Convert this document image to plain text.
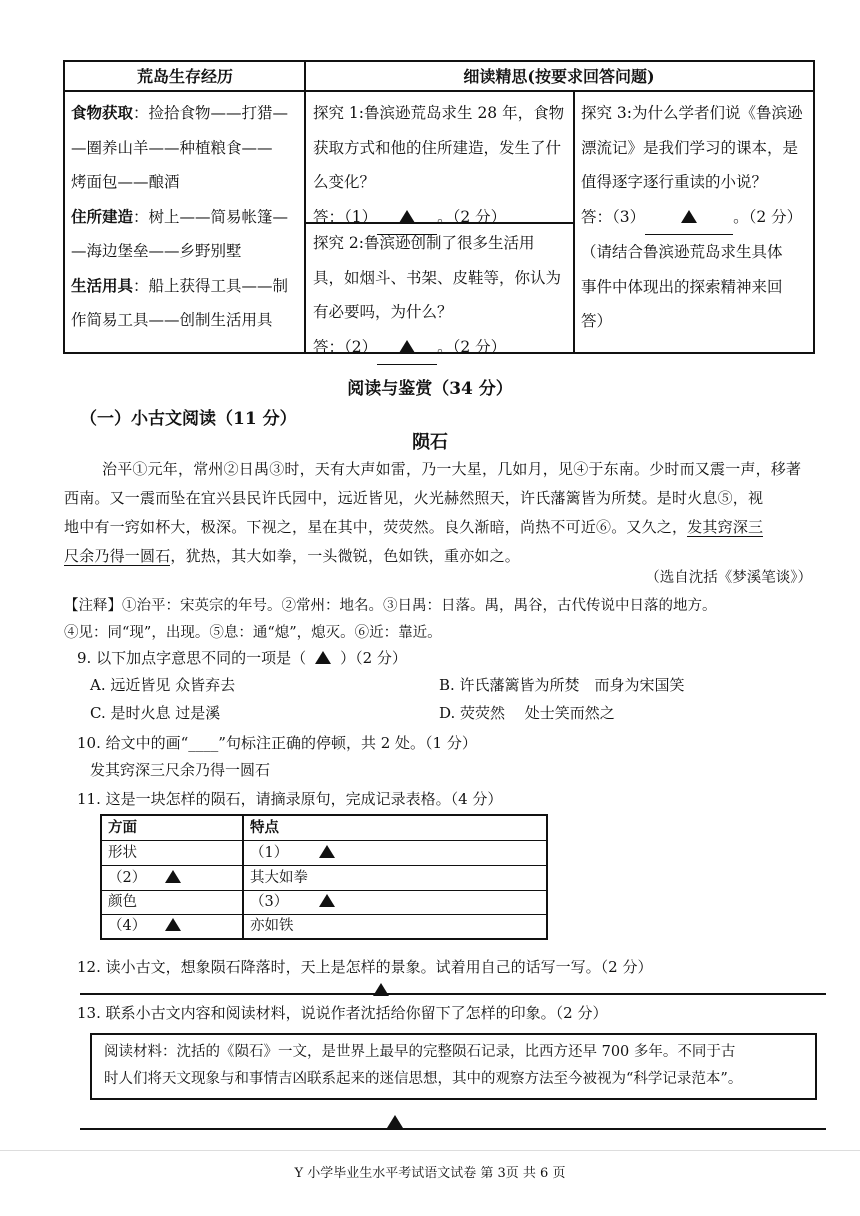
荒岛生存经历	细读精思(按要求回答问题)
食物获取：捡拾食物——打猎—
—圈养山羊——种植粮食——
烤面包——酿酒
住所建造：树上——简易帐篷—
—海边堡垒——乡野别墅
生活用具：船上获得工具——制
作简易工具——创制生活用具
探究 1:鲁滨逊荒岛求生 28 年，食物
获取方式和他的住所建造，发生了什
么变化？
答：（1）	。（2 分）
探究 2:鲁滨逊创制了很多生活用
具，如烟斗、书架、皮鞋等，你认为
有必要吗，为什么？
答：（2）	。（2 分）
探究 3:为什么学者们说《鲁滨逊
漂流记》是我们学习的课本，是
值得逐字逐行重读的小说？
答：（3）	。（2 分）
（请结合鲁滨逊荒岛求生具体
事件中体现出的探索精神来回
答）
阅读与鉴赏（34 分）
（一）小古文阅读（11 分）
陨石
治平①元年，常州②日禺③时，天有大声如雷，乃一大星，几如月，见④于东南。少时而又震一声，移著
西南。又一震而坠在宜兴县民许氏园中，远近皆见，火光赫然照天，许氏藩篱皆为所焚。是时火息⑤，视
地中有一窍如杯大，极深。下视之，星在其中，荧荧然。良久渐暗，尚热不可近⑥。又久之，发其窍深三
尺余乃得一圆石，犹热，其大如拳，一头微锐，色如铁，重亦如之。
（选自沈括《梦溪笔谈》）
【注释】①治平：宋英宗的年号。②常州：地名。③日禺：日落。禺，禺谷，古代传说中日落的地方。
④见：同“现”，出现。⑤息：通“熄”，熄灭。⑥近：靠近。
9. 以下加点字意思不同的一项是（ ）（2 分）
A. 远近皆见 众皆弃去	B. 许氏藩篱皆为所焚　而身为宋国笑
C. 是时火息 过是溪	D. 荧荧然　 处士笑而然之
10. 给文中的画“____”句标注正确的停顿，共 2 处。（1 分）
发其窍深三尺余乃得一圆石
11. 这是一块怎样的陨石，请摘录原句，完成记录表格。（4 分）
方面	特点
形状	（1）
（2）	其大如拳
颜色	（3）
（4）	亦如铁
12. 读小古文，想象陨石降落时，天上是怎样的景象。试着用自己的话写一写。（2 分）
13. 联系小古文内容和阅读材料，说说作者沈括给你留下了怎样的印象。（2 分）
阅读材料：沈括的《陨石》一文，是世界上最早的完整陨石记录，比西方还早 700 多年。不同于古
时人们将天文现象与和事情吉凶联系起来的迷信思想，其中的观察方法至今被视为“科学记录范本”。
Y 小学毕业生水平考试语文试卷 第 3页 共 6 页
